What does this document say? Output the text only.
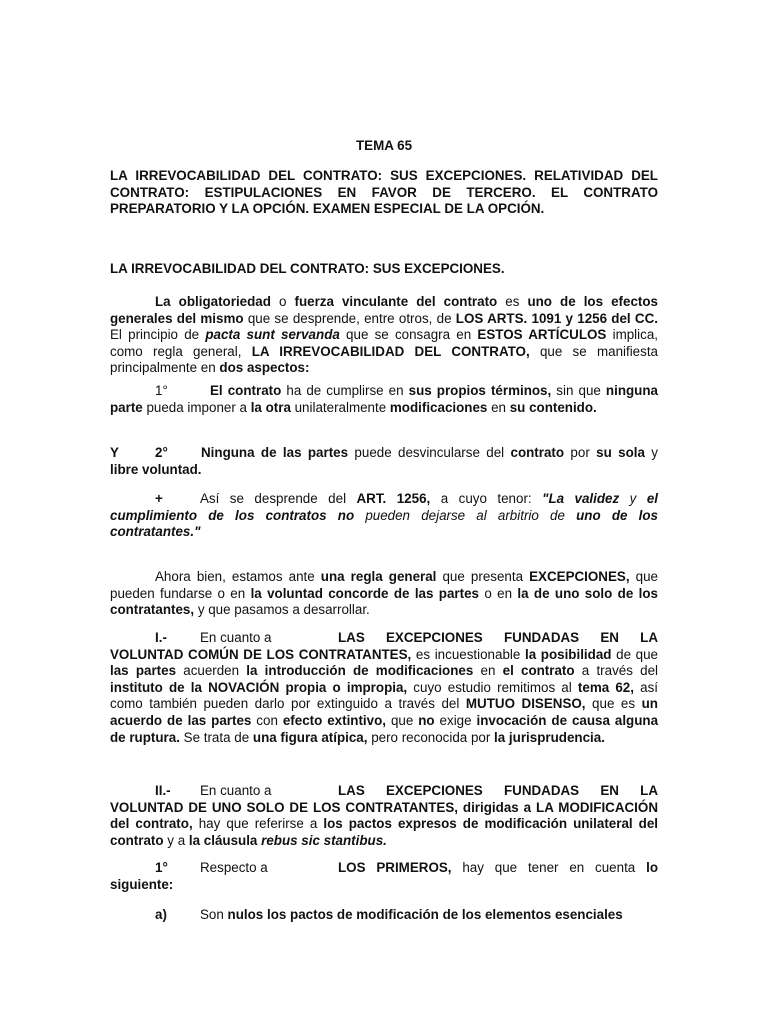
TEMA 65

LA IRREVOCABILIDAD DEL CONTRATO: SUS EXCEPCIONES. RELATIVIDAD DEL CONTRATO: ESTIPULACIONES EN FAVOR DE TERCERO. EL CONTRATO PREPARATORIO Y LA OPCIÓN. EXAMEN ESPECIAL DE LA OPCIÓN.

LA IRREVOCABILIDAD DEL CONTRATO: SUS EXCEPCIONES.

La obligatoriedad o fuerza vinculante del contrato es uno de los efectos generales del mismo que se desprende, entre otros, de LOS ARTS. 1091 y 1256 del CC. El principio de pacta sunt servanda que se consagra en ESTOS ARTÍCULOS implica, como regla general, LA IRREVOCABILIDAD DEL CONTRATO, que se manifiesta principalmente en dos aspectos:

1°	El contrato ha de cumplirse en sus propios términos, sin que ninguna parte pueda imponer a la otra unilateralmente modificaciones en su contenido.

Y	2° Ninguna de las partes puede desvincularse del contrato por su sola y libre voluntad.

+	Así se desprende del ART. 1256, a cuyo tenor: "La validez y el cumplimiento de los contratos no pueden dejarse al arbitrio de uno de los contratantes."

Ahora bien, estamos ante una regla general que presenta EXCEPCIONES, que pueden fundarse o en la voluntad concorde de las partes o en la de uno solo de los contratantes, y que pasamos a desarrollar.

I.- En cuanto a	LAS EXCEPCIONES FUNDADAS EN LA VOLUNTAD COMÚN DE LOS CONTRATANTES, es incuestionable la posibilidad de que las partes acuerden la introducción de modificaciones en el contrato a través del instituto de la NOVACIÓN propia o impropia, cuyo estudio remitimos al tema 62, así como también pueden darlo por extinguido a través del MUTUO DISENSO, que es un acuerdo de las partes con efecto extintivo, que no exige invocación de causa alguna de ruptura. Se trata de una figura atípica, pero reconocida por la jurisprudencia.

II.- En cuanto a	LAS EXCEPCIONES FUNDADAS EN LA VOLUNTAD DE UNO SOLO DE LOS CONTRATANTES, dirigidas a LA MODIFICACIÓN del contrato, hay que referirse a los pactos expresos de modificación unilateral del contrato y a la cláusula rebus sic stantibus.

1° Respecto a	LOS PRIMEROS, hay que tener en cuenta lo siguiente:

a) Son nulos los pactos de modificación de los elementos esenciales
